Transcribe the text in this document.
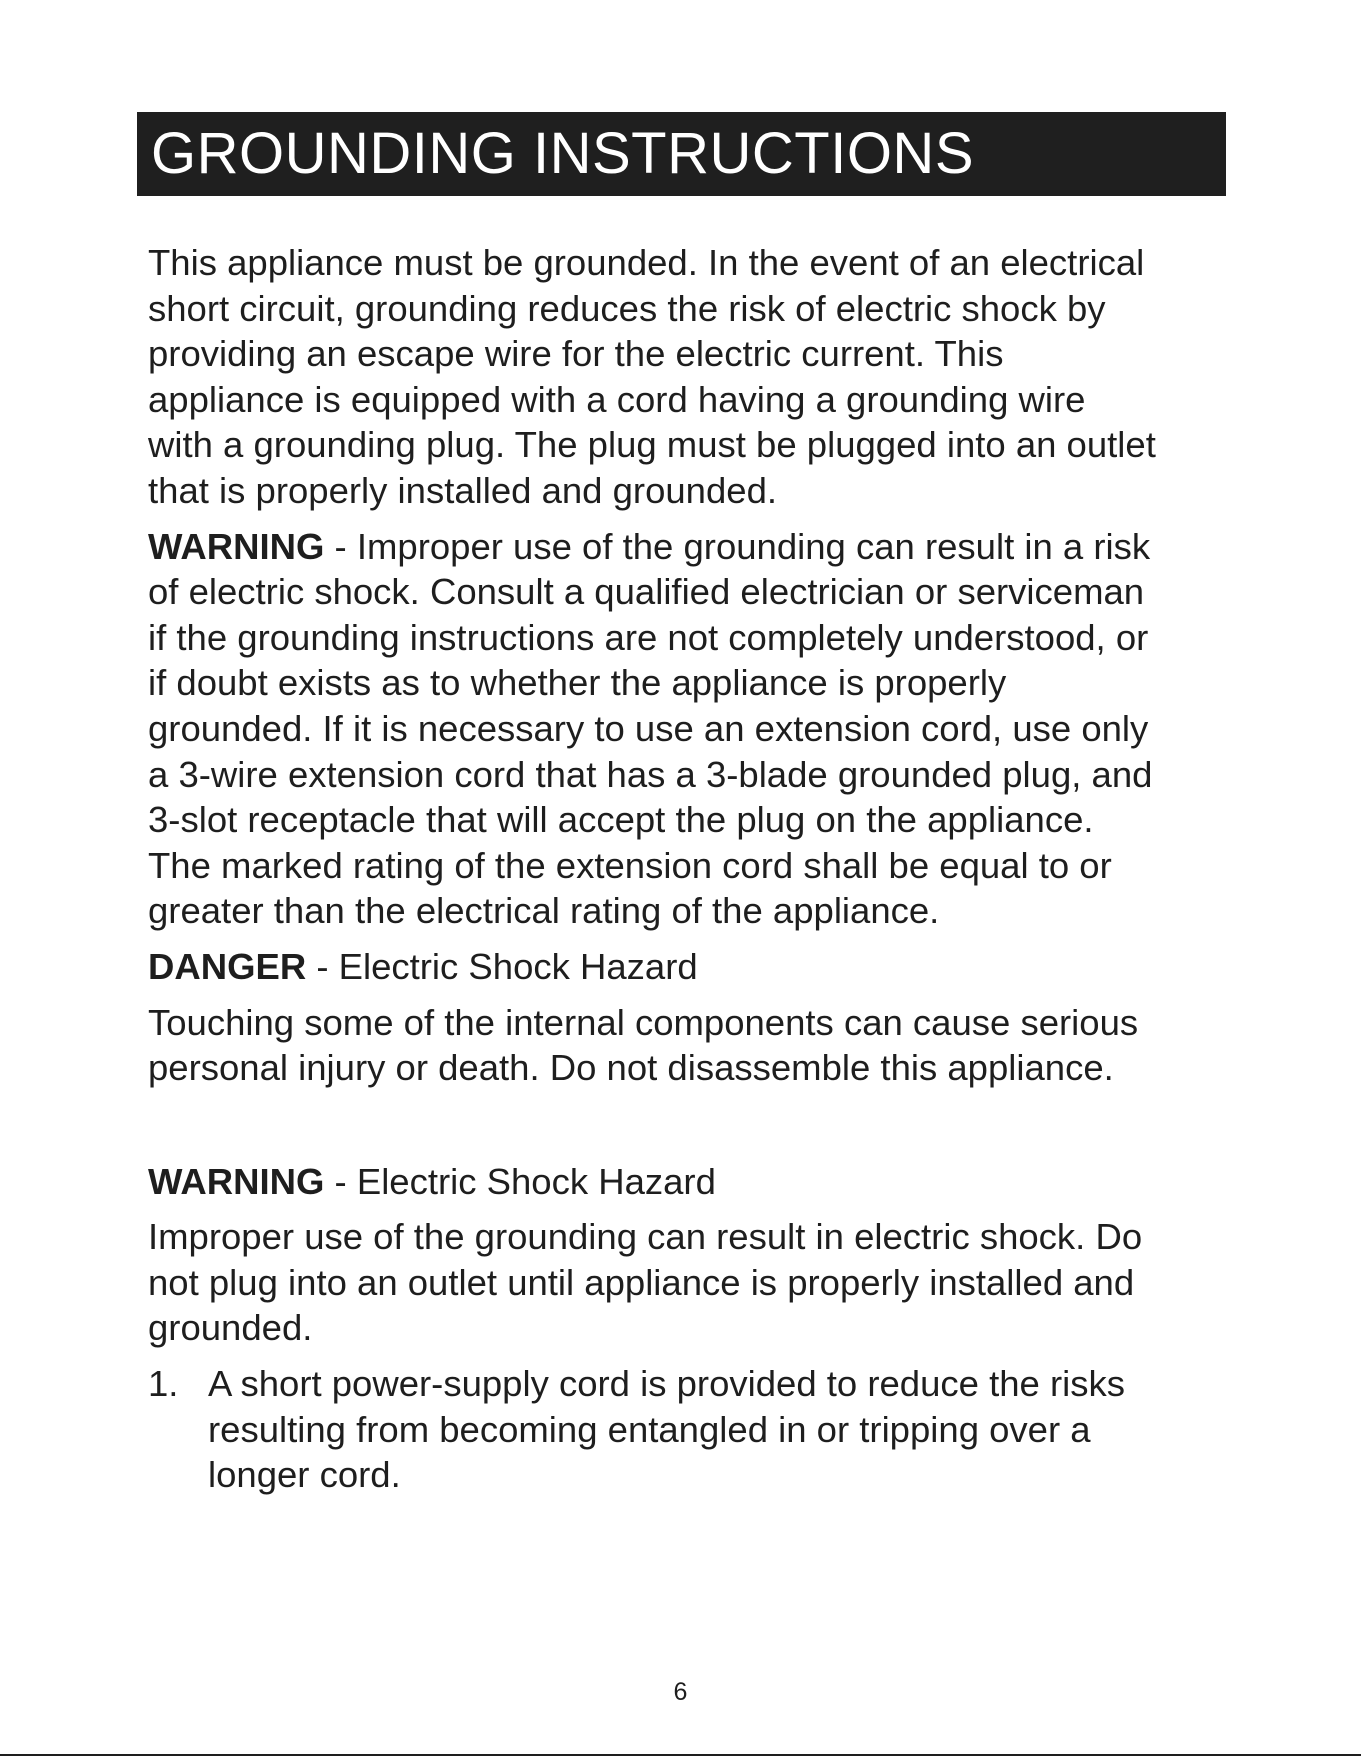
GROUNDING INSTRUCTIONS

This appliance must be grounded. In the event of an electrical
short circuit, grounding reduces the risk of electric shock by
providing an escape wire for the electric current. This
appliance is equipped with a cord having a grounding wire
with a grounding plug. The plug must be plugged into an outlet
that is properly installed and grounded.

WARNING - Improper use of the grounding can result in a risk
of electric shock. Consult a qualified electrician or serviceman
if the grounding instructions are not completely understood, or
if doubt exists as to whether the appliance is properly
grounded. If it is necessary to use an extension cord, use only
a 3-wire extension cord that has a 3-blade grounded plug, and
3-slot receptacle that will accept the plug on the appliance.
The marked rating of the extension cord shall be equal to or
greater than the electrical rating of the appliance.

DANGER - Electric Shock Hazard

Touching some of the internal components can cause serious
personal injury or death. Do not disassemble this appliance.

WARNING - Electric Shock Hazard

Improper use of the grounding can result in electric shock. Do
not plug into an outlet until appliance is properly installed and
grounded.

1. A short power-supply cord is provided to reduce the risks
resulting from becoming entangled in or tripping over a
longer cord.
6
